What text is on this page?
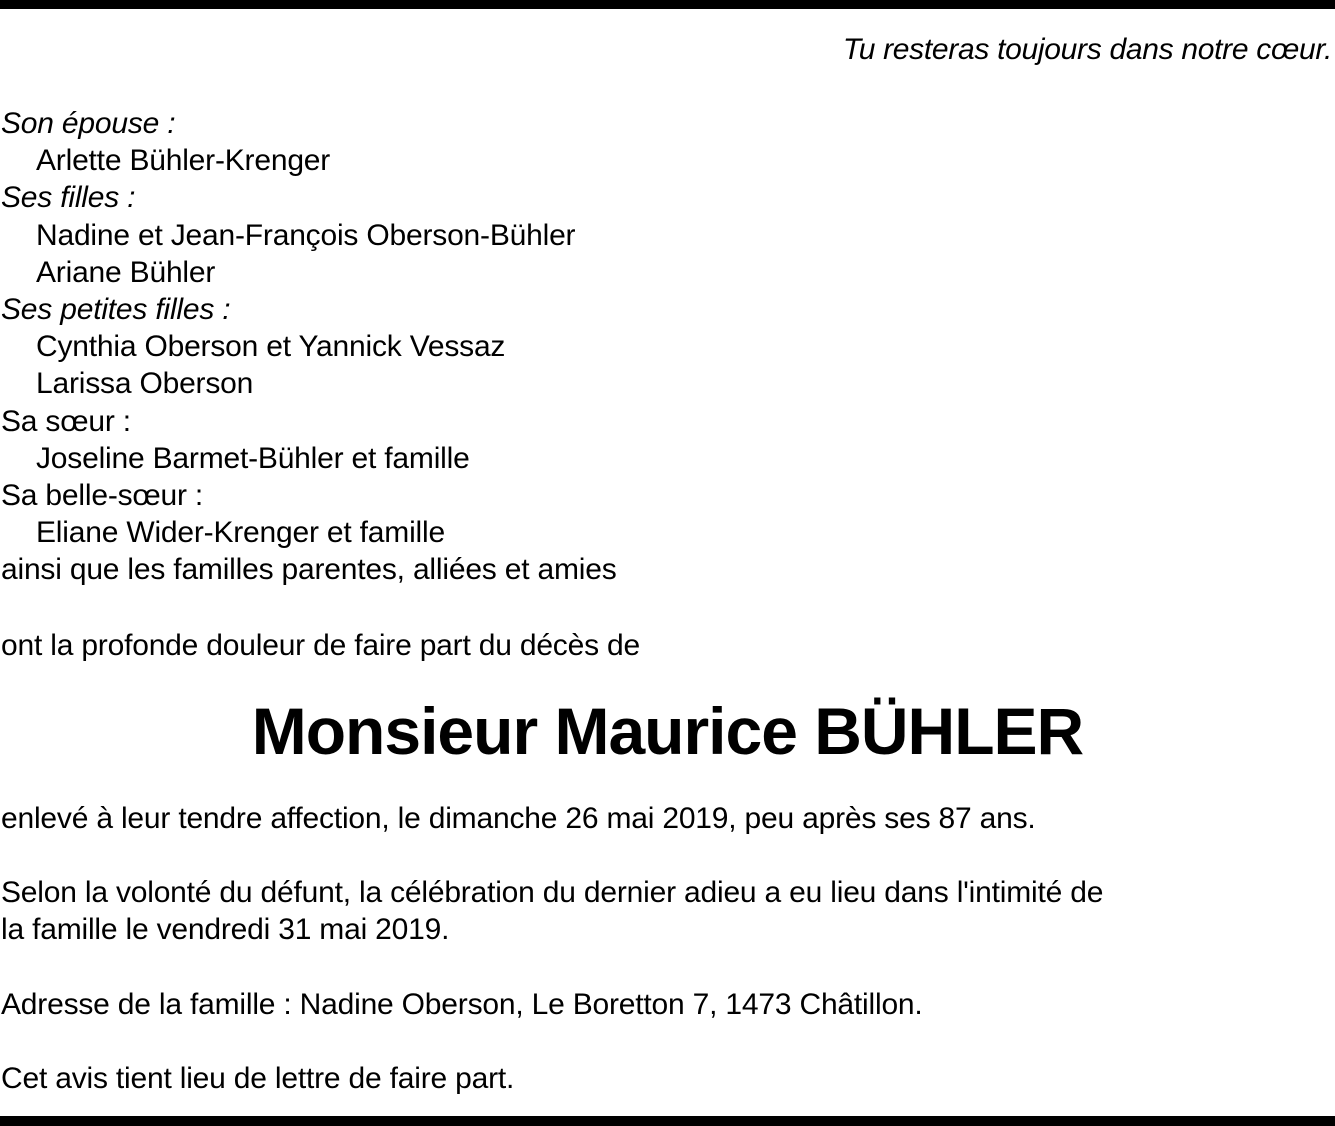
Tu resteras toujours dans notre cœur.
Son épouse :
Arlette Bühler-Krenger
Ses filles :
Nadine et Jean-François Oberson-Bühler
Ariane Bühler
Ses petites filles :
Cynthia Oberson et Yannick Vessaz
Larissa Oberson
Sa sœur :
Joseline Barmet-Bühler et famille
Sa belle-sœur :
Eliane Wider-Krenger et famille
ainsi que les familles parentes, alliées et amies
ont la profonde douleur de faire part du décès de
Monsieur Maurice BÜHLER
enlevé à leur tendre affection, le dimanche 26 mai 2019, peu après ses 87 ans.
Selon la volonté du défunt, la célébration du dernier adieu a eu lieu dans l'intimité de
la famille le vendredi 31 mai 2019.
Adresse de la famille : Nadine Oberson, Le Boretton 7, 1473 Châtillon.
Cet avis tient lieu de lettre de faire part.
